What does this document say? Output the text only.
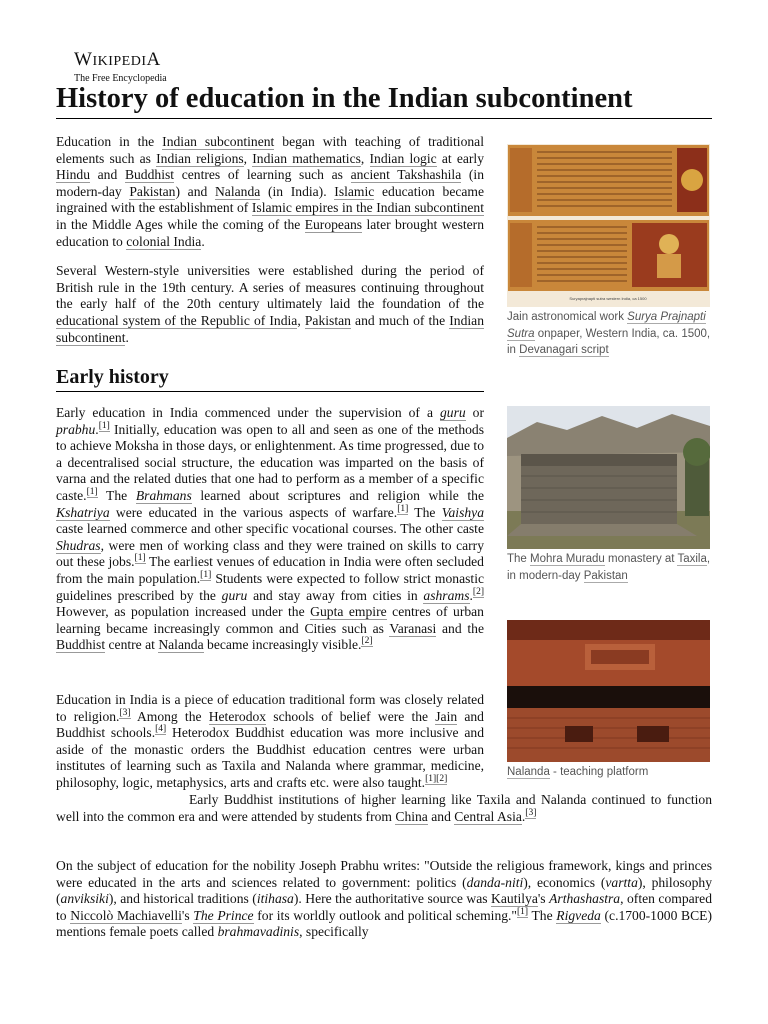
WIKIPEDIA
The Free Encyclopedia
History of education in the Indian subcontinent

Education in the Indian subcontinent began with teaching of traditional elements such as Indian religions, Indian mathematics, Indian logic at early Hindu and Buddhist centres of learning such as ancient Takshashila (in modern-day Pakistan) and Nalanda (in India). Islamic education became ingrained with the establishment of Islamic empires in the Indian subcontinent in the Middle Ages while the coming of the Europeans later brought western education to colonial India.

Several Western-style universities were established during the period of British rule in the 19th century. A series of measures continuing throughout the early half of the 20th century ultimately laid the foundation of the educational system of the Republic of India, Pakistan and much of the Indian subcontinent.

Early history

Early education in India commenced under the supervision of a guru or prabhu.[1] Initially, education was open to all and seen as one of the methods to achieve Moksha in those days, or enlightenment. As time progressed, due to a decentralised social structure, the education was imparted on the basis of varna and the related duties that one had to perform as a member of a specific caste.[1] The Brahmans learned about scriptures and religion while the Kshatriya were educated in the various aspects of warfare.[1] The Vaishya caste learned commerce and other specific vocational courses. The other caste Shudras, were men of working class and they were trained on skills to carry out these jobs.[1] The earliest venues of education in India were often secluded from the main population.[1] Students were expected to follow strict monastic guidelines prescribed by the guru and stay away from cities in ashrams.[2] However, as population increased under the Gupta empire centres of urban learning became increasingly common and Cities such as Varanasi and the Buddhist centre at Nalanda became increasingly visible.[2]

Education in India is a piece of education traditional form was closely related to religion.[3] Among the Heterodox schools of belief were the Jain and Buddhist schools.[4] Heterodox Buddhist education was more inclusive and aside of the monastic orders the Buddhist education centres were urban institutes of learning such as Taxila and Nalanda where grammar, medicine, philosophy, logic, metaphysics, arts and crafts etc. were also taught.[1][2]

Early Buddhist institutions of higher learning like Taxila and Nalanda continued to function well into the common era and were attended by students from China and Central Asia.[3]

On the subject of education for the nobility Joseph Prabhu writes: "Outside the religious framework, kings and princes were educated in the arts and sciences related to government: politics (danda-niti), economics (vartta), philosophy (anviksiki), and historical traditions (itihasa). Here the authoritative source was Kautilya's Arthashastra, often compared to Niccolò Machiavelli's The Prince for its worldly outlook and political scheming."[1] The Rigveda (c.1700-1000 BCE) mentions female poets called brahmavadinis, specifically

Suryaprajnapti sutra western India, ca 1500
Jain astronomical work Surya Prajnapti Sutra onpaper, Western India, ca. 1500, in Devanagari script
The Mohra Muradu monastery at Taxila, in modern-day Pakistan
Nalanda - teaching platform
